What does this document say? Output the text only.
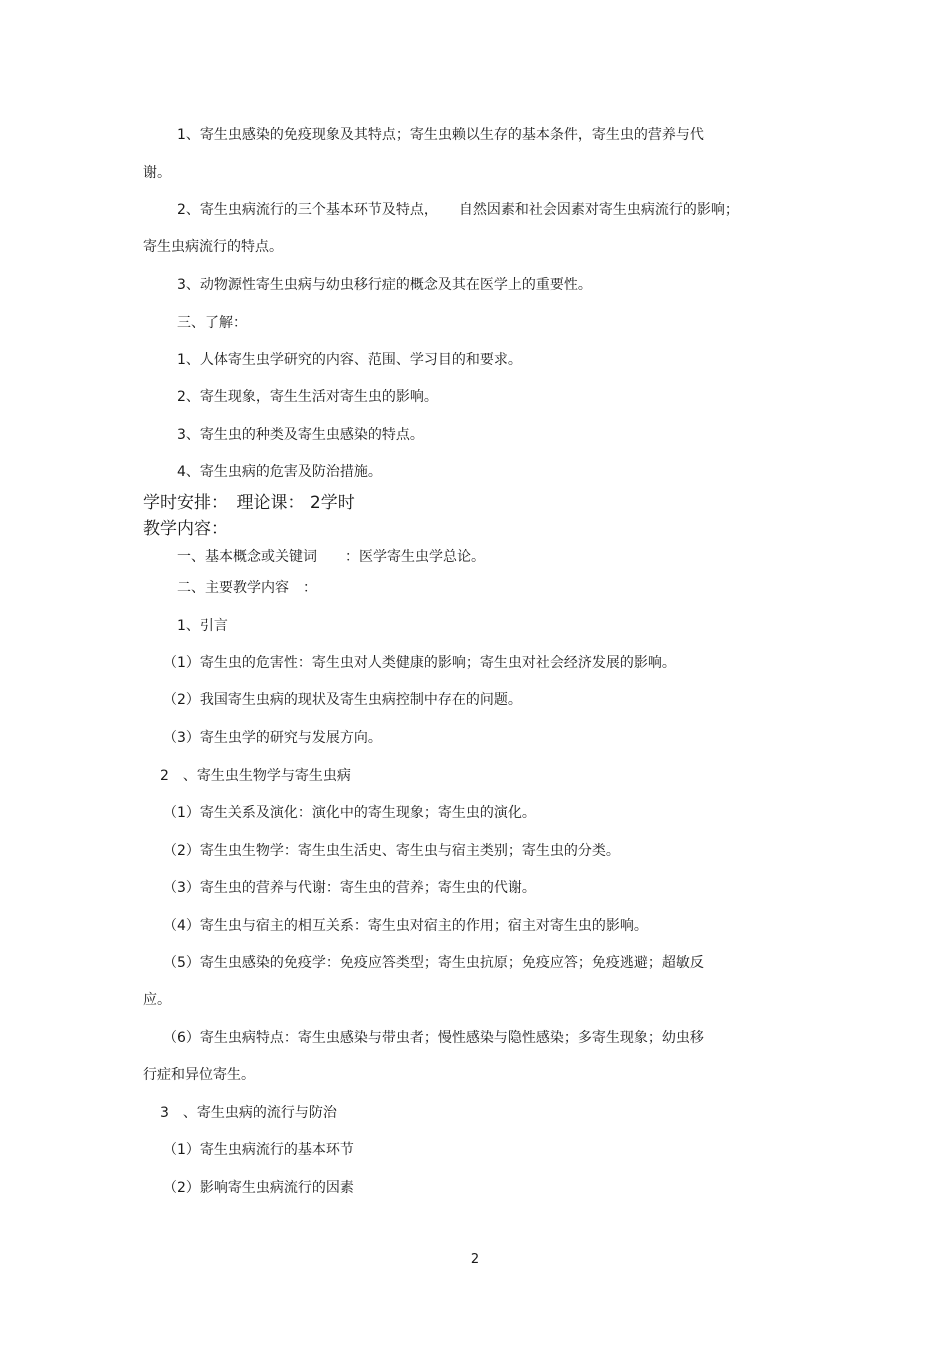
1、寄生虫感染的免疫现象及其特点；寄生虫赖以生存的基本条件，寄生虫的营养与代
谢。
2、寄生虫病流行的三个基本环节及特点，　　自然因素和社会因素对寄生虫病流行的影响；
寄生虫病流行的特点。
3、动物源性寄生虫病与幼虫移行症的概念及其在医学上的重要性。
三、了解：
1、人体寄生虫学研究的内容、范围、学习目的和要求。
2、寄生现象，寄生生活对寄生虫的影响。
3、寄生虫的种类及寄生虫感染的特点。
4、寄生虫病的危害及防治措施。
学时安排：　理论课： 2学时
教学内容：
一、基本概念或关键词　　：医学寄生虫学总论。
二、主要教学内容　：
1、引言
（1）寄生虫的危害性：寄生虫对人类健康的影响；寄生虫对社会经济发展的影响。
（2）我国寄生虫病的现状及寄生虫病控制中存在的问题。
（3）寄生虫学的研究与发展方向。
2　、寄生虫生物学与寄生虫病
（1）寄生关系及演化：演化中的寄生现象；寄生虫的演化。
（2）寄生虫生物学：寄生虫生活史、寄生虫与宿主类别；寄生虫的分类。
（3）寄生虫的营养与代谢：寄生虫的营养；寄生虫的代谢。
（4）寄生虫与宿主的相互关系：寄生虫对宿主的作用；宿主对寄生虫的影响。
（5）寄生虫感染的免疫学：免疫应答类型；寄生虫抗原；免疫应答；免疫逃避；超敏反
应。
（6）寄生虫病特点：寄生虫感染与带虫者；慢性感染与隐性感染；多寄生现象；幼虫移
行症和异位寄生。
3　、寄生虫病的流行与防治
（1）寄生虫病流行的基本环节
（2）影响寄生虫病流行的因素
2
